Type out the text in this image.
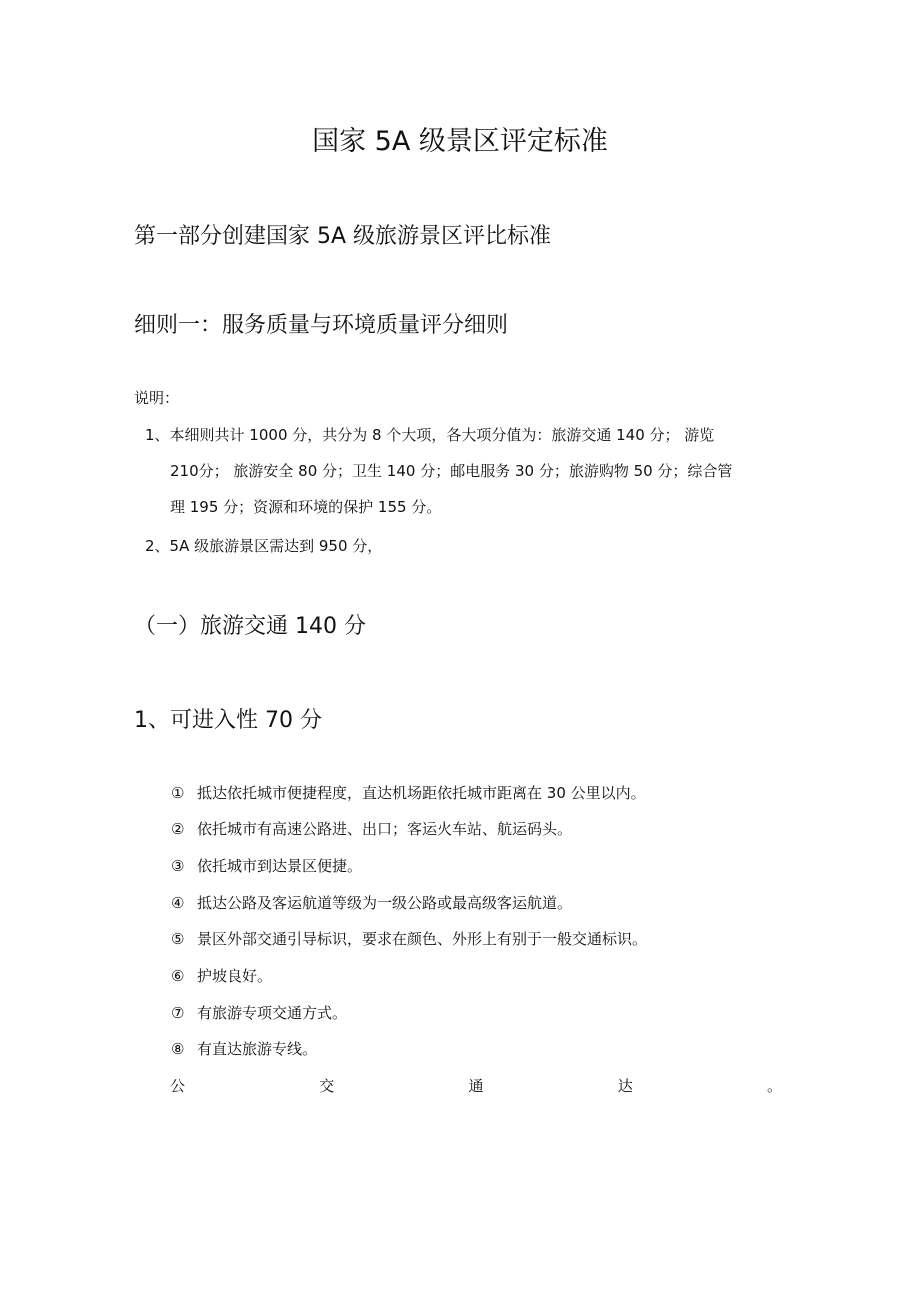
国家 5A 级景区评定标准
第一部分创建国家 5A 级旅游景区评比标准
细则一：服务质量与环境质量评分细则
说明：
1、本细则共计 1000 分，共分为 8 个大项，各大项分值为：旅游交通 140 分； 游览
210分； 旅游安全 80 分；卫生 140 分；邮电服务 30 分；旅游购物 50 分；综合管
理 195 分；资源和环境的保护 155 分。
2、5A 级旅游景区需达到 950 分，
（一）旅游交通 140 分
1、可进入性 70 分
① 抵达依托城市便捷程度，直达机场距依托城市距离在 30 公里以内。
② 依托城市有高速公路进、出口；客运火车站、航运码头。
③ 依托城市到达景区便捷。
④ 抵达公路及客运航道等级为一级公路或最高级客运航道。
⑤ 景区外部交通引导标识，要求在颜色、外形上有别于一般交通标识。
⑥ 护坡良好。
⑦ 有旅游专项交通方式。
⑧ 有直达旅游专线。
公	交	通	达	。
